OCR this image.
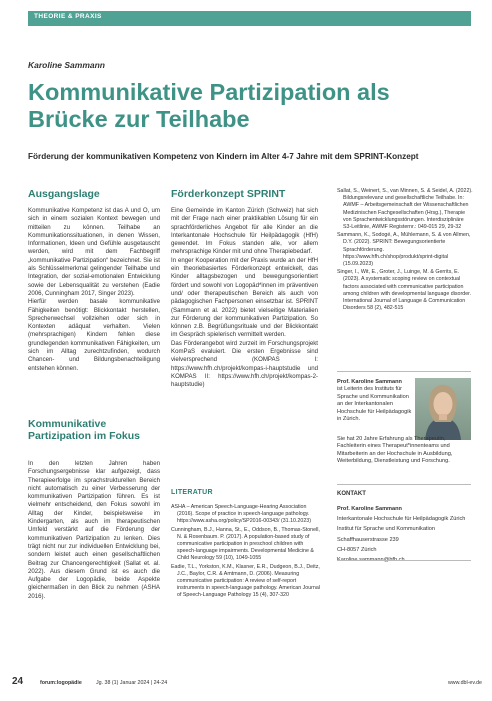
THEORIE & PRAXIS
Karoline Sammann
Kommunikative Partizipation als Brücke zur Teilhabe
Förderung der kommunikativen Kompetenz von Kindern im Alter 4-7 Jahre mit dem SPRINT-Konzept
Ausgangslage

Kommunikative Kompetenz ist das A und O, um sich in einem sozialen Kontext bewegen und mitteilen zu können. Teilhabe an Kommunikationssituationen, in denen Wissen, Informationen, Ideen und Gefühle ausgetauscht werden, wird mit dem Fachbegriff „kommunikative Partizipation“ bezeichnet. Sie ist als Schlüsselmerkmal gelingender Teilhabe und Integration, der sozial-emotionalen Entwicklung sowie der Lebensqualität zu verstehen (Eadie 2006, Cunningham 2017, Singer 2023).

Hierfür werden basale kommunikative Fähigkeiten benötigt: Blickkontakt herstellen, Sprecherwechsel vollziehen oder sich in Kontexten adäquat verhalten. Vielen (mehrsprachigen) Kindern fehlen diese grundlegenden kommunikativen Fähigkeiten, um sich im Alltag zurechtzufinden, wodurch Chancen- und Bildungsbenachteiligung entstehen können.

Kommunikative Partizipation im Fokus

In den letzten Jahren haben Forschungsergebnisse klar aufgezeigt, dass Therapieerfolge im sprachstrukturellen Bereich nicht automatisch zu einer Verbesserung der kommunikativen Partizipation führen. Es ist vielmehr entscheidend, den Fokus sowohl im Alltag der Kinder, beispielsweise im Kindergarten, als auch im therapeutischen Umfeld verstärkt auf die Förderung der kommunikativen Partizipation zu lenken. Dies trägt nicht nur zur individuellen Entwicklung bei, sondern leistet auch einen gesellschaftlichen Beitrag zur Chancengerechtigkeit (Sallat et. al. 2022). Aus diesem Grund ist es auch die Aufgabe der Logopädie, beide Aspekte gleichermaßen in den Blick zu nehmen (ASHA 2016).

Förderkonzept SPRINT

Eine Gemeinde im Kanton Zürich (Schweiz) hat sich mit der Frage nach einer praktikablen Lösung für ein sprachförderliches Angebot für alle Kinder an die Interkantonale Hochschule für Heilpädagogik (HfH) gewendet. Im Fokus standen alle, vor allem mehrsprachige Kinder mit und ohne Therapiebedarf.

In enger Kooperation mit der Praxis wurde an der HfH ein theoriebasiertes Förderkonzept entwickelt, das Kinder alltagsbezogen und bewegungsorientiert fördert und sowohl von Logopäd*innen im präventiven und/ oder therapeutischen Bereich als auch von pädagogischen Fachpersonen einsetzbar ist. SPRINT (Sammann et al. 2022) bietet vielseitige Materialien zur Förderung der kommunikativen Partizipation. So können z.B. Begrüßungsrituale und der Blickkontakt im Gespräch spielerisch vermittelt werden.

Das Förderangebot wird zurzeit im Forschungsprojekt KomPaS evaluiert. Die ersten Ergebnisse sind vielversprechend (KOMPAS I: https://www.hfh.ch/projekt/kompas-i-hauptstudie und KOMPAS II: https://www.hfh.ch/projekt/kompas-2-hauptstudie)

LITERATUR

ASHA – American Speech-Language-Hearing Association (2016). Scope of practice in speech-language pathology. https://www.asha.org/policy/SP2016-00343/ (31.10.2023)

Cunningham, B.J., Hanna, St., E., Oddson, B., Thomas-Stonell, N. & Rosenbaum. P. (2017). A population-based study of communicative participation in preschool children with speech-language impairments. Developmental Medicine & Child Neurology 59 (10), 1049-1055

Eadie, T.L., Yorkston, K.M., Klasner, E.R., Dudgeon, B.J., Deitz, J.C., Baylor, C.R. & Amtmann, D. (2006). Measuring communicative participation: A review of self-report instruments in speech-language pathology. American Journal of Speech-Language Pathology 15 (4), 307-320

Sallat, S., Weinert, S., van Minnen, S. & Seidel, A. (2022). Bildungsrelevanz und gesellschaftliche Teilhabe. In: AWMF – Arbeitsgemeinschaft der Wissenschaftlichen Medizinischen Fachgesellschaften (Hrsg.), Therapie von Sprachentwicklungsstörungen. Interdisziplinäre S3-Leitlinie, AWMF Registernr.: 049-015 29, 29-32

Sammann, K., Sodogé, A., Mühlemann, S. & von Allmen, D.Y. (2022). SPRINT: Bewegungsorientierte Sprachförderung. https://www.hfh.ch/shop/produkt/sprint-digital (15.09.2023)

Singer, I., Wit, E., Groter, J., Luinge, M. & Gerrits, E. (2023). A systematic scoping review on contextual factors associated with communicative participation among children with developmental language disorder. International Journal of Language & Communication Disorders 58 (2), 482-515

Prof. Karoline Sammann
ist Leiterin des Instituts für Sprache und Kommunikation an der Interkantonalen Hochschule für Heilpädagogik in Zürich.
Sie hat 20 Jahre Erfahrung als Therapeutin, Fachleiterin eines Therapeut*innenteams und Mitarbeiterin an der Hochschule in Ausbildung, Weiterbildung, Dienstleistung und Forschung.
KONTAKT
Prof. Karoline Sammann
Interkantonale Hochschule für Heilpädagogik Zürich
Institut für Sprache und Kommunikation
Schaffhauserstrasse 239
CH-8057 Zürich
24	forum:logopädie	Jg. 38 (1) Januar 2024 | 24-24	www.dbl-ev.de
